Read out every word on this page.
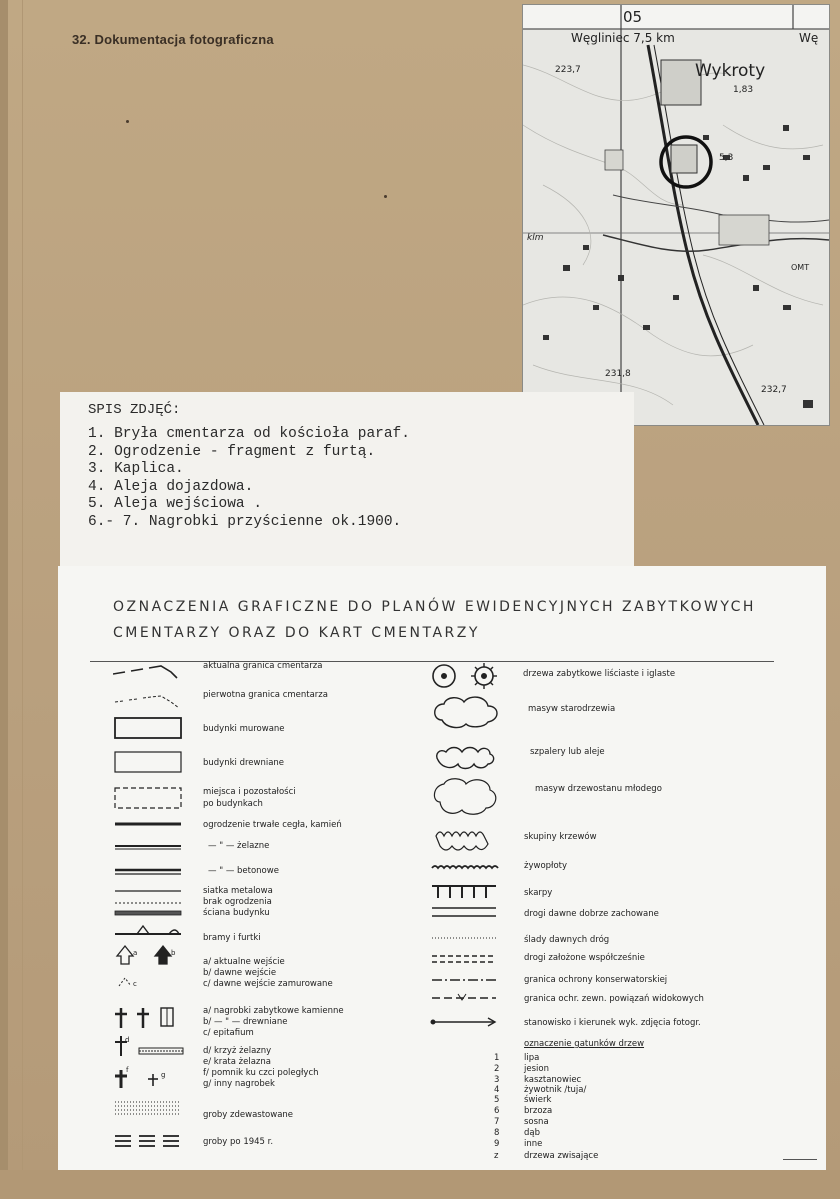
32. Dokumentacja fotograficzna
05
Węgliniec 7,5 km	Wę
Wykroty
223,7
1,83
5,3
231,8
232,7
klm
OMT
SPIS ZDJĘĆ:
1. Bryła cmentarza od kościoła paraf.
2. Ogrodzenie - fragment z furtą.
3. Kaplica.
4. Aleja dojazdowa.
5. Aleja wejściowa .
6.- 7. Nagrobki przyścienne ok.1900.
OZNACZENIA GRAFICZNE DO PLANÓW EWIDENCYJNYCH ZABYTKOWYCH
CMENTARZY ORAZ DO KART CMENTARZY
a	b
c
d
f
g
aktualna granica cmentarza
pierwotna granica cmentarza
budynki murowane
budynki drewniane
miejsca i pozostałości
po budynkach
ogrodzenie trwałe cegła, kamień
— " — żelazne
— " — betonowe
siatka metalowa
brak ogrodzenia
ściana budynku
bramy i furtki
a/ aktualne wejście
b/ dawne wejście
c/ dawne wejście zamurowane
a/ nagrobki zabytkowe kamienne
b/ — " — drewniane
c/ epitafium
d/ krzyż żelazny
e/ krata żelazna
f/ pomnik ku czci poległych
g/ inny nagrobek
groby zdewastowane
groby po 1945 r.
drzewa zabytkowe liściaste i iglaste
masyw starodrzewia
szpalery lub aleje
masyw drzewostanu młodego
skupiny krzewów
żywopłoty
skarpy
drogi dawne dobrze zachowane
ślady dawnych dróg
drogi założone współcześnie
granica ochrony konserwatorskiej
granica ochr. zewn. powiązań widokowych
stanowisko i kierunek wyk. zdjęcia fotogr.
oznaczenie gatunków drzew
1	lipa
2	jesion
3	kasztanowiec
4	żywotnik /tuja/
5	świerk
6	brzoza
7	sosna
8	dąb
9	inne
z	drzewa zwisające
